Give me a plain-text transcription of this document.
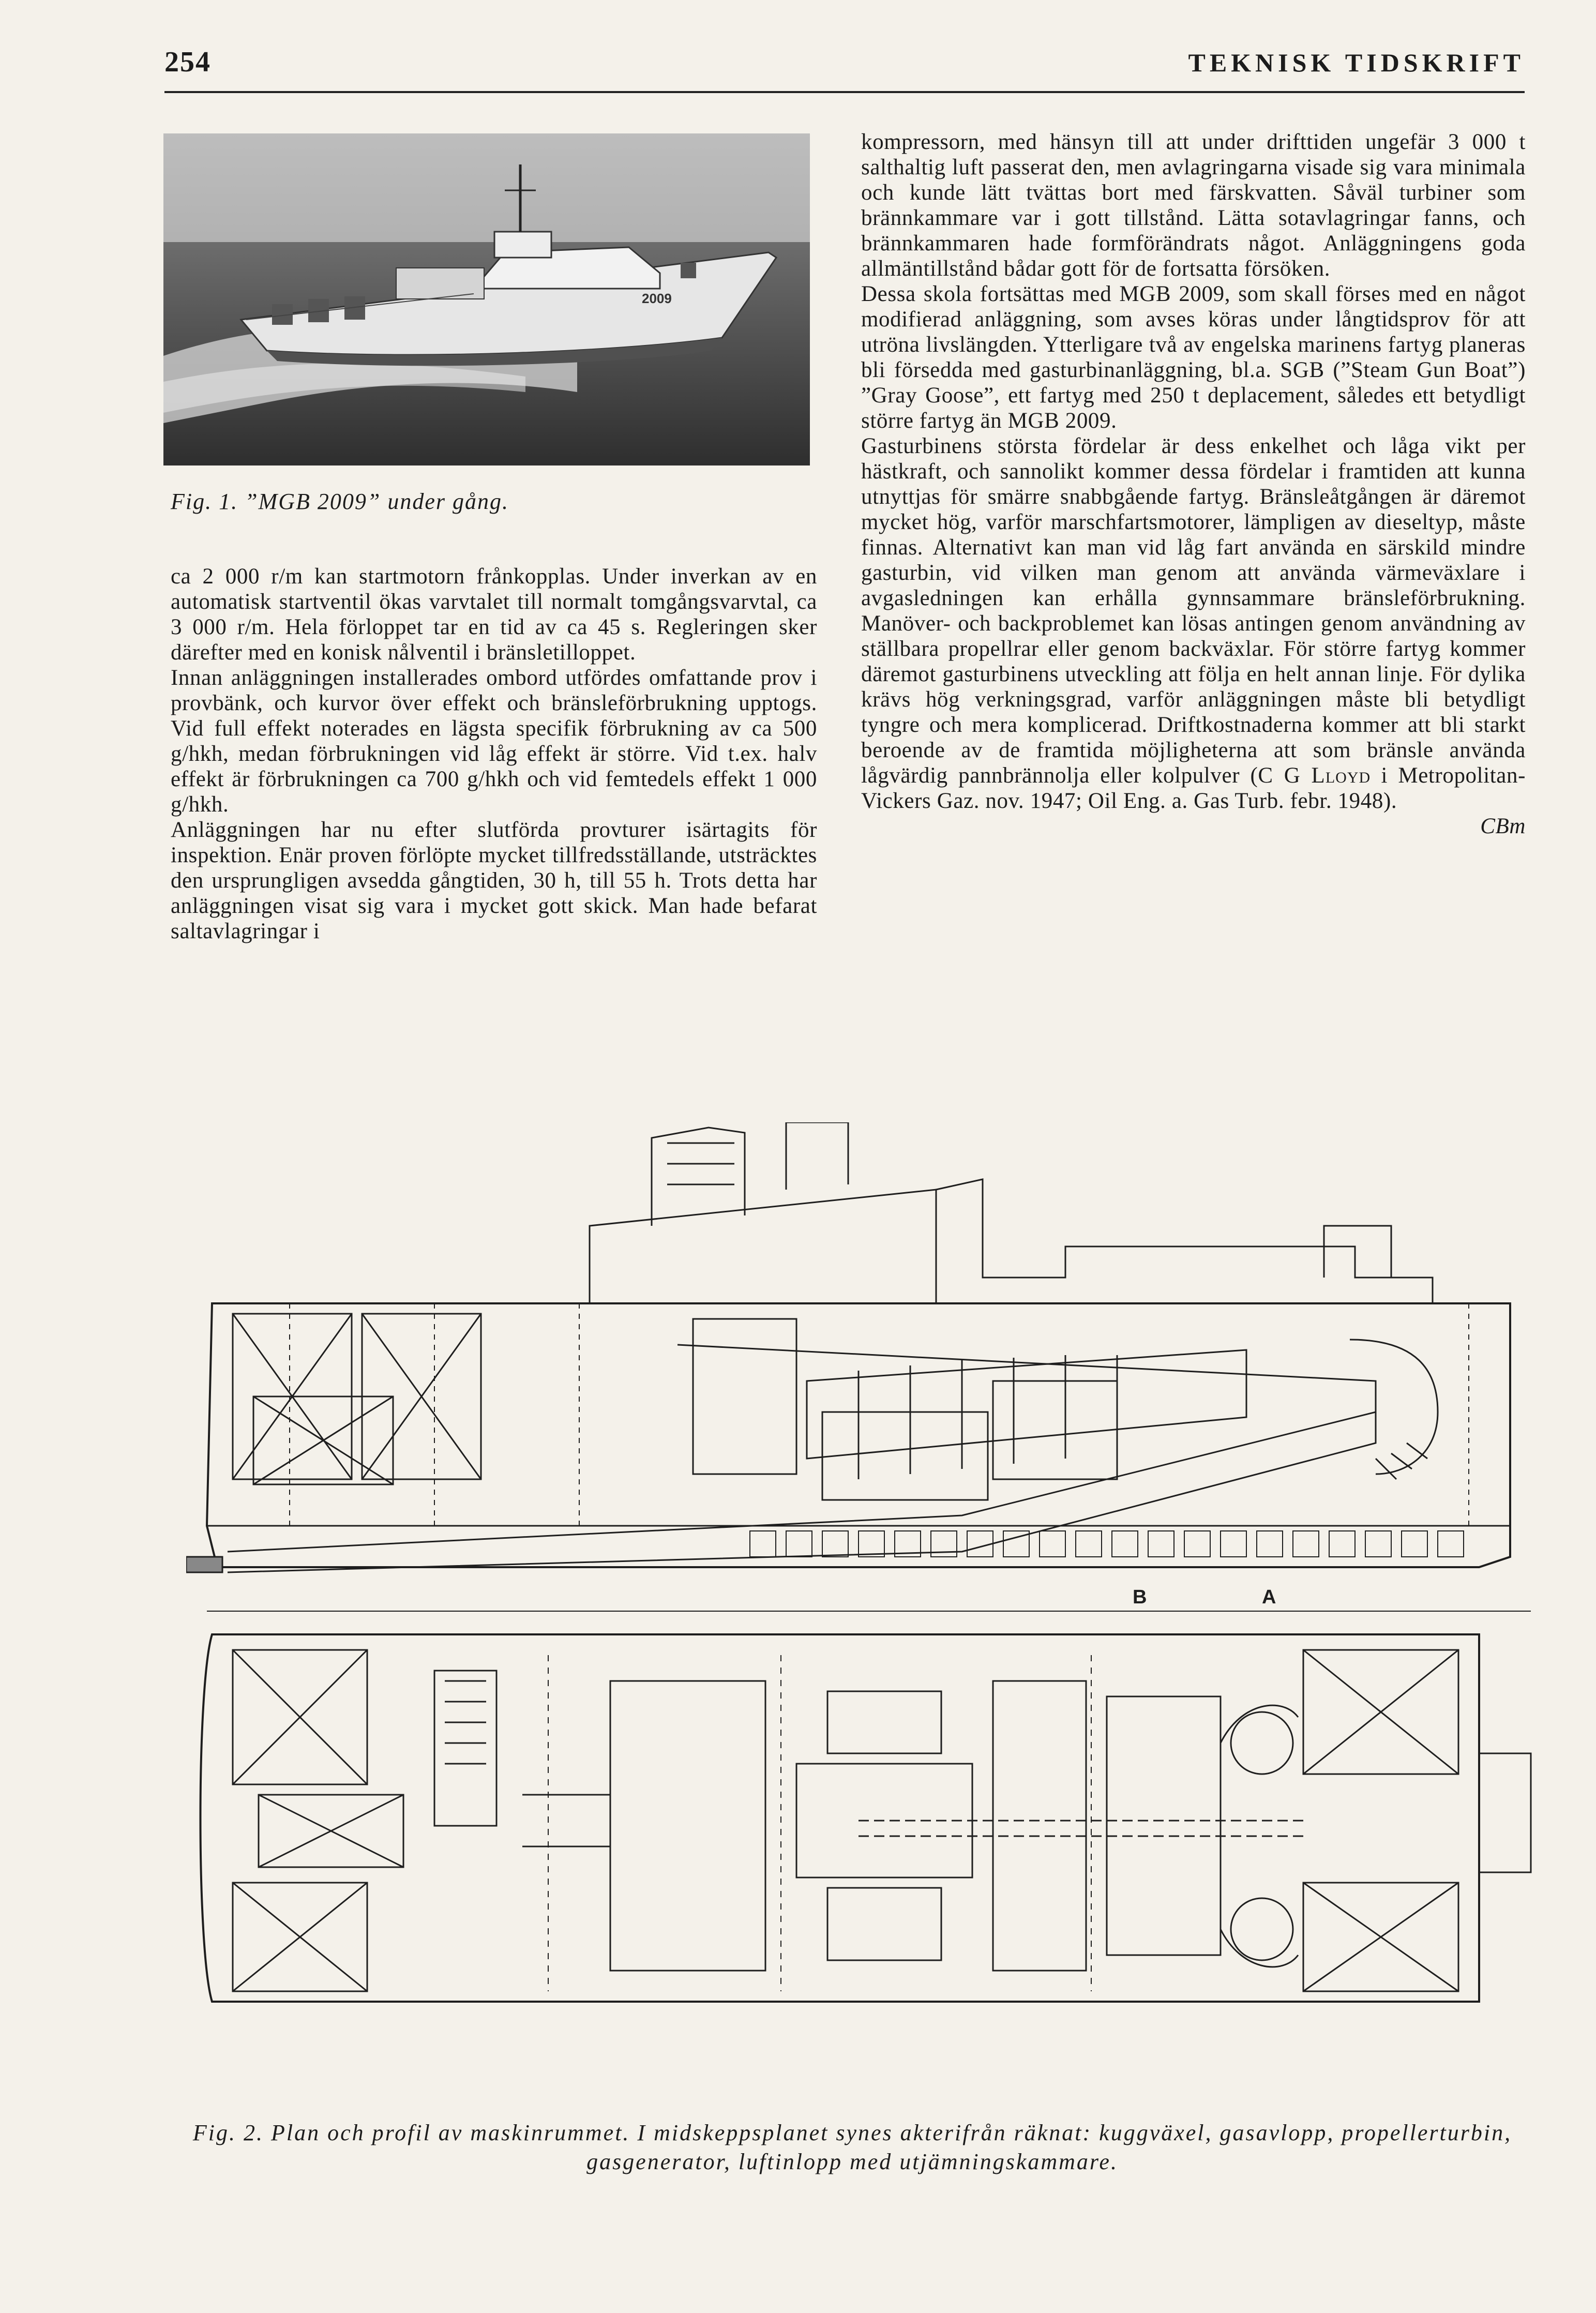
254	TEKNISK TIDSKRIFT
2009
Fig. 1. ”MGB 2009” under gång.

ca 2 000 r/m kan startmotorn frånkopplas. Under inverkan av en automatisk startventil ökas varvtalet till normalt tomgångsvarvtal, ca 3 000 r/m. Hela förloppet tar en tid av ca 45 s. Regleringen sker därefter med en konisk nålventil i bränsletilloppet.

Innan anläggningen installerades ombord utfördes omfattande prov i provbänk, och kurvor över effekt och bränsleförbrukning upptogs. Vid full effekt noterades en lägsta specifik förbrukning av ca 500 g/hkh, medan förbrukningen vid låg effekt är större. Vid t.ex. halv effekt är förbrukningen ca 700 g/hkh och vid femtedels effekt 1 000 g/hkh.

Anläggningen har nu efter slutförda provturer isärtagits för inspektion. Enär proven förlöpte mycket tillfredsställande, utsträcktes den ursprungligen avsedda gångtiden, 30 h, till 55 h. Trots detta har anläggningen visat sig vara i mycket gott skick. Man hade befarat saltavlagringar i

kompressorn, med hänsyn till att under drifttiden ungefär 3 000 t salthaltig luft passerat den, men avlagringarna visade sig vara minimala och kunde lätt tvättas bort med färskvatten. Såväl turbiner som brännkammare var i gott tillstånd. Lätta sotavlagringar fanns, och brännkammaren hade formförändrats något. Anläggningens goda allmäntillstånd bådar gott för de fortsatta försöken.

Dessa skola fortsättas med MGB 2009, som skall förses med en något modifierad anläggning, som avses köras under långtidsprov för att utröna livslängden. Ytterligare två av engelska marinens fartyg planeras bli försedda med gasturbinanläggning, bl.a. SGB (”Steam Gun Boat”) ”Gray Goose”, ett fartyg med 250 t deplacement, således ett betydligt större fartyg än MGB 2009.

Gasturbinens största fördelar är dess enkelhet och låga vikt per hästkraft, och sannolikt kommer dessa fördelar i framtiden att kunna utnyttjas för smärre snabbgående fartyg. Bränsleåtgången är däremot mycket hög, varför marschfartsmotorer, lämpligen av dieseltyp, måste finnas. Alternativt kan man vid låg fart använda en särskild mindre gasturbin, vid vilken man genom att använda värmeväxlare i avgasledningen kan erhålla gynnsammare bränsleförbrukning. Manöver- och backproblemet kan lösas antingen genom användning av ställbara propellrar eller genom backväxlar. För större fartyg kommer däremot gasturbinens utveckling att följa en helt annan linje. För dylika krävs hög verkningsgrad, varför anläggningen måste bli betydligt tyngre och mera komplicerad. Driftkostnaderna kommer att bli starkt beroende av de framtida möjligheterna att som bränsle använda lågvärdig pannbrännolja eller kolpulver (C G Lloyd i Metropolitan-Vickers Gaz. nov. 1947; Oil Eng. a. Gas Turb. febr. 1948).

CBm

B	A
Fig. 2. Plan och profil av maskinrummet. I midskeppsplanet synes akterifrån räknat: kuggväxel, gasavlopp, propellerturbin, gasgenerator, luftinlopp med utjämningskammare.
